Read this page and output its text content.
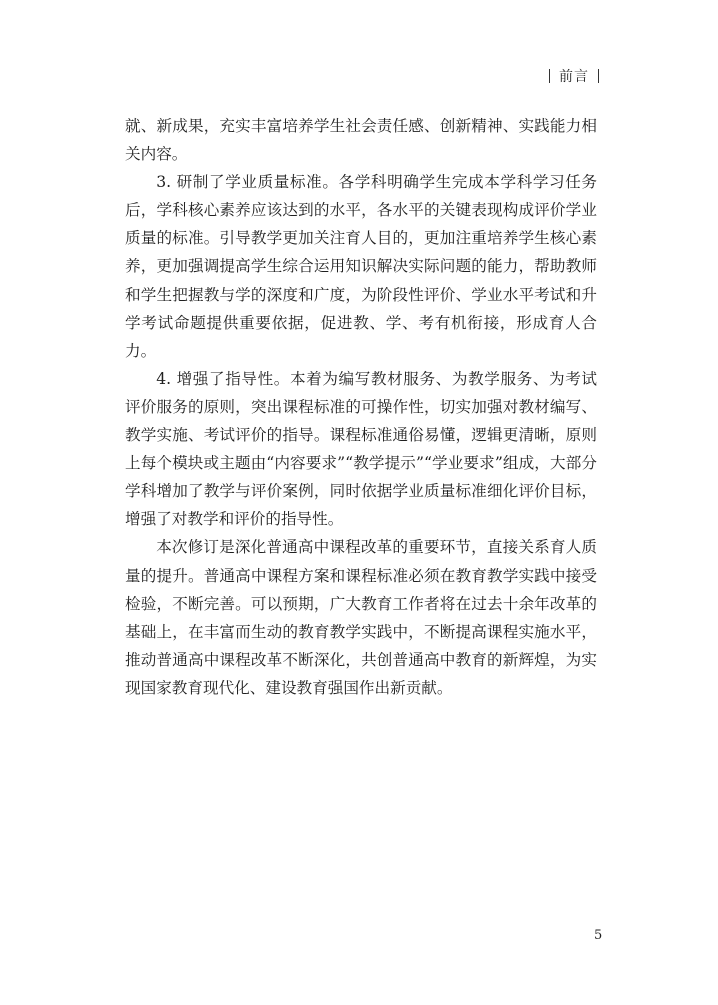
前言

就、新成果，充实丰富培养学生社会责任感、创新精神、实践能力相关内容。

3. 研制了学业质量标准。各学科明确学生完成本学科学习任务后，学科核心素养应该达到的水平，各水平的关键表现构成评价学业质量的标准。引导教学更加关注育人目的，更加注重培养学生核心素养，更加强调提高学生综合运用知识解决实际问题的能力，帮助教师和学生把握教与学的深度和广度，为阶段性评价、学业水平考试和升学考试命题提供重要依据，促进教、学、考有机衔接，形成育人合力。

4. 增强了指导性。本着为编写教材服务、为教学服务、为考试评价服务的原则，突出课程标准的可操作性，切实加强对教材编写、教学实施、考试评价的指导。课程标准通俗易懂，逻辑更清晰，原则上每个模块或主题由“内容要求”“教学提示”“学业要求”组成，大部分学科增加了教学与评价案例，同时依据学业质量标准细化评价目标，增强了对教学和评价的指导性。

本次修订是深化普通高中课程改革的重要环节，直接关系育人质量的提升。普通高中课程方案和课程标准必须在教育教学实践中接受检验，不断完善。可以预期，广大教育工作者将在过去十余年改革的基础上，在丰富而生动的教育教学实践中，不断提高课程实施水平，推动普通高中课程改革不断深化，共创普通高中教育的新辉煌，为实现国家教育现代化、建设教育强国作出新贡献。

5
